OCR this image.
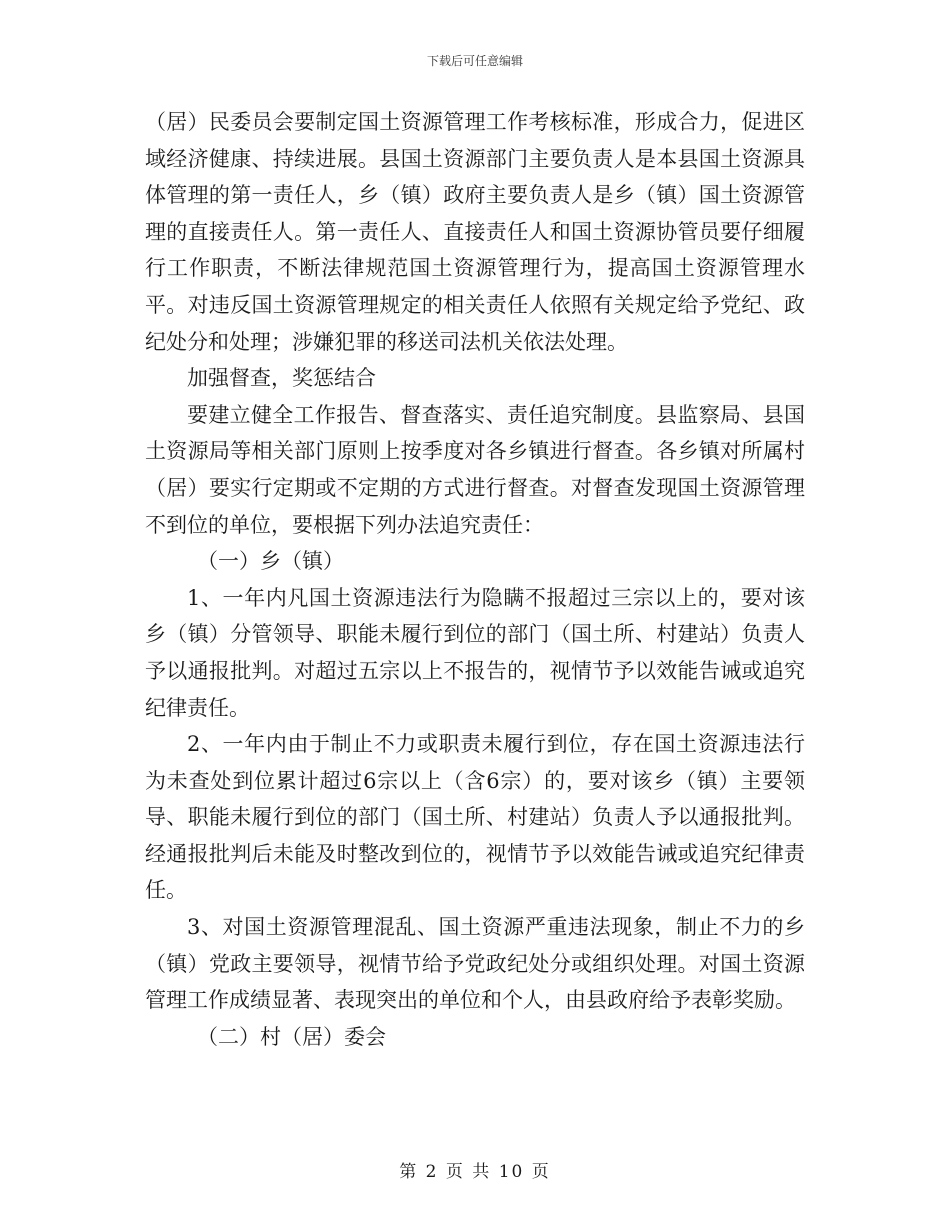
下载后可任意编辑

（居）民委员会要制定国土资源管理工作考核标准，形成合力，促进区域经济健康、持续进展。县国土资源部门主要负责人是本县国土资源具体管理的第一责任人，乡（镇）政府主要负责人是乡（镇）国土资源管理的直接责任人。第一责任人、直接责任人和国土资源协管员要仔细履行工作职责，不断法律规范国土资源管理行为，提高国土资源管理水平。对违反国土资源管理规定的相关责任人依照有关规定给予党纪、政纪处分和处理；涉嫌犯罪的移送司法机关依法处理。

加强督查，奖惩结合

要建立健全工作报告、督查落实、责任追究制度。县监察局、县国土资源局等相关部门原则上按季度对各乡镇进行督查。各乡镇对所属村（居）要实行定期或不定期的方式进行督查。对督查发现国土资源管理不到位的单位，要根据下列办法追究责任：

（一）乡（镇）

1、一年内凡国土资源违法行为隐瞒不报超过三宗以上的，要对该乡（镇）分管领导、职能未履行到位的部门（国土所、村建站）负责人予以通报批判。对超过五宗以上不报告的，视情节予以效能告诫或追究纪律责任。

2、一年内由于制止不力或职责未履行到位，存在国土资源违法行为未查处到位累计超过6宗以上（含6宗）的，要对该乡（镇）主要领导、职能未履行到位的部门（国土所、村建站）负责人予以通报批判。经通报批判后未能及时整改到位的，视情节予以效能告诫或追究纪律责任。

3、对国土资源管理混乱、国土资源严重违法现象，制止不力的乡（镇）党政主要领导，视情节给予党政纪处分或组织处理。对国土资源管理工作成绩显著、表现突出的单位和个人，由县政府给予表彰奖励。

（二）村（居）委会

第 2 页 共 10 页
